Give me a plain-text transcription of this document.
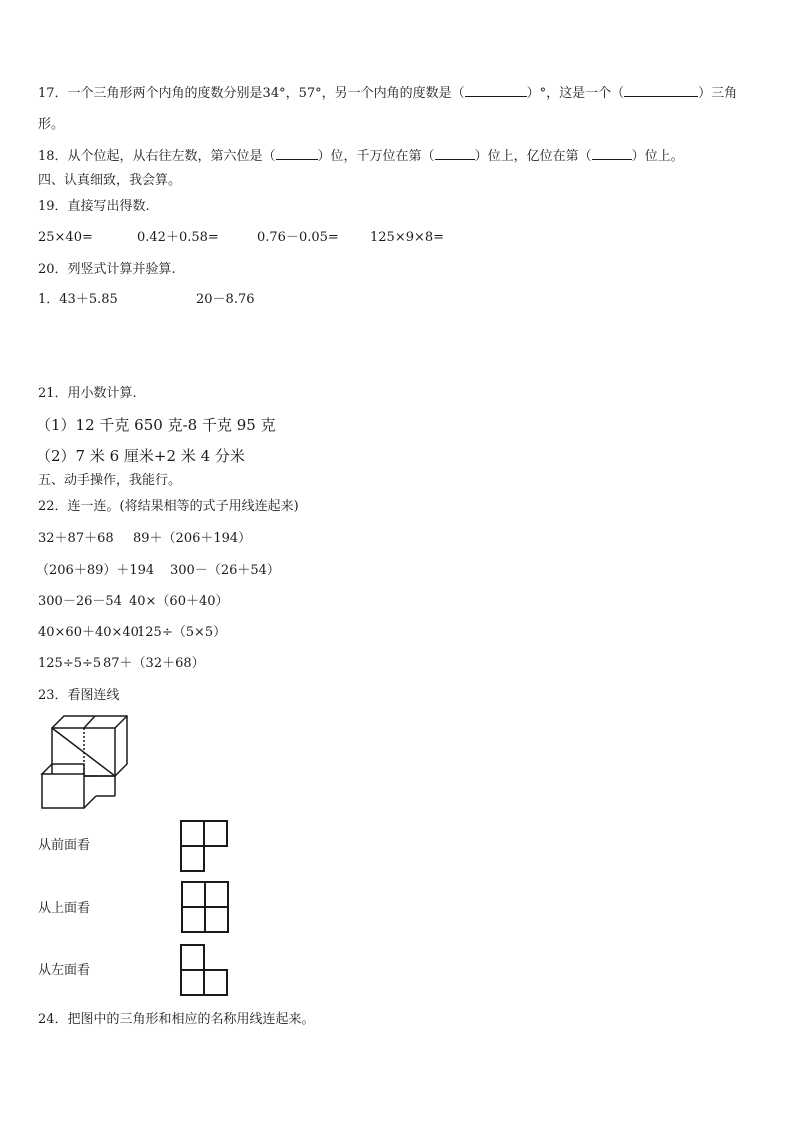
17．一个三角形两个内角的度数分别是34°，57°，另一个内角的度数是（	）°，这是一个（	）三角
形。
18．从个位起，从右往左数，第六位是（	）位，千万位在第（	）位上，亿位在第（	）位上。
四、认真细致，我会算。
19．直接写出得数.
25×40=	0.42＋0.58=	0.76－0.05= 125×9×8=
20．列竖式计算并验算.
1．43＋5.85	20－8.76
21．用小数计算.
（1）12 千克 650 克-8 千克 95 克
（2）7 米 6 厘米+2 米 4 分米
五、动手操作，我能行。
22．连一连。(将结果相等的式子用线连起来)
32＋87＋68 89＋（206＋194）
（206＋89）＋194 300－（26＋54）
300－26－54 40×（60＋40）
40×60＋40×40
125÷（5×5）
125÷5÷5 87＋（32＋68）
23．看图连线
从前面看
从上面看
从左面看
24．把图中的三角形和相应的名称用线连起来。
